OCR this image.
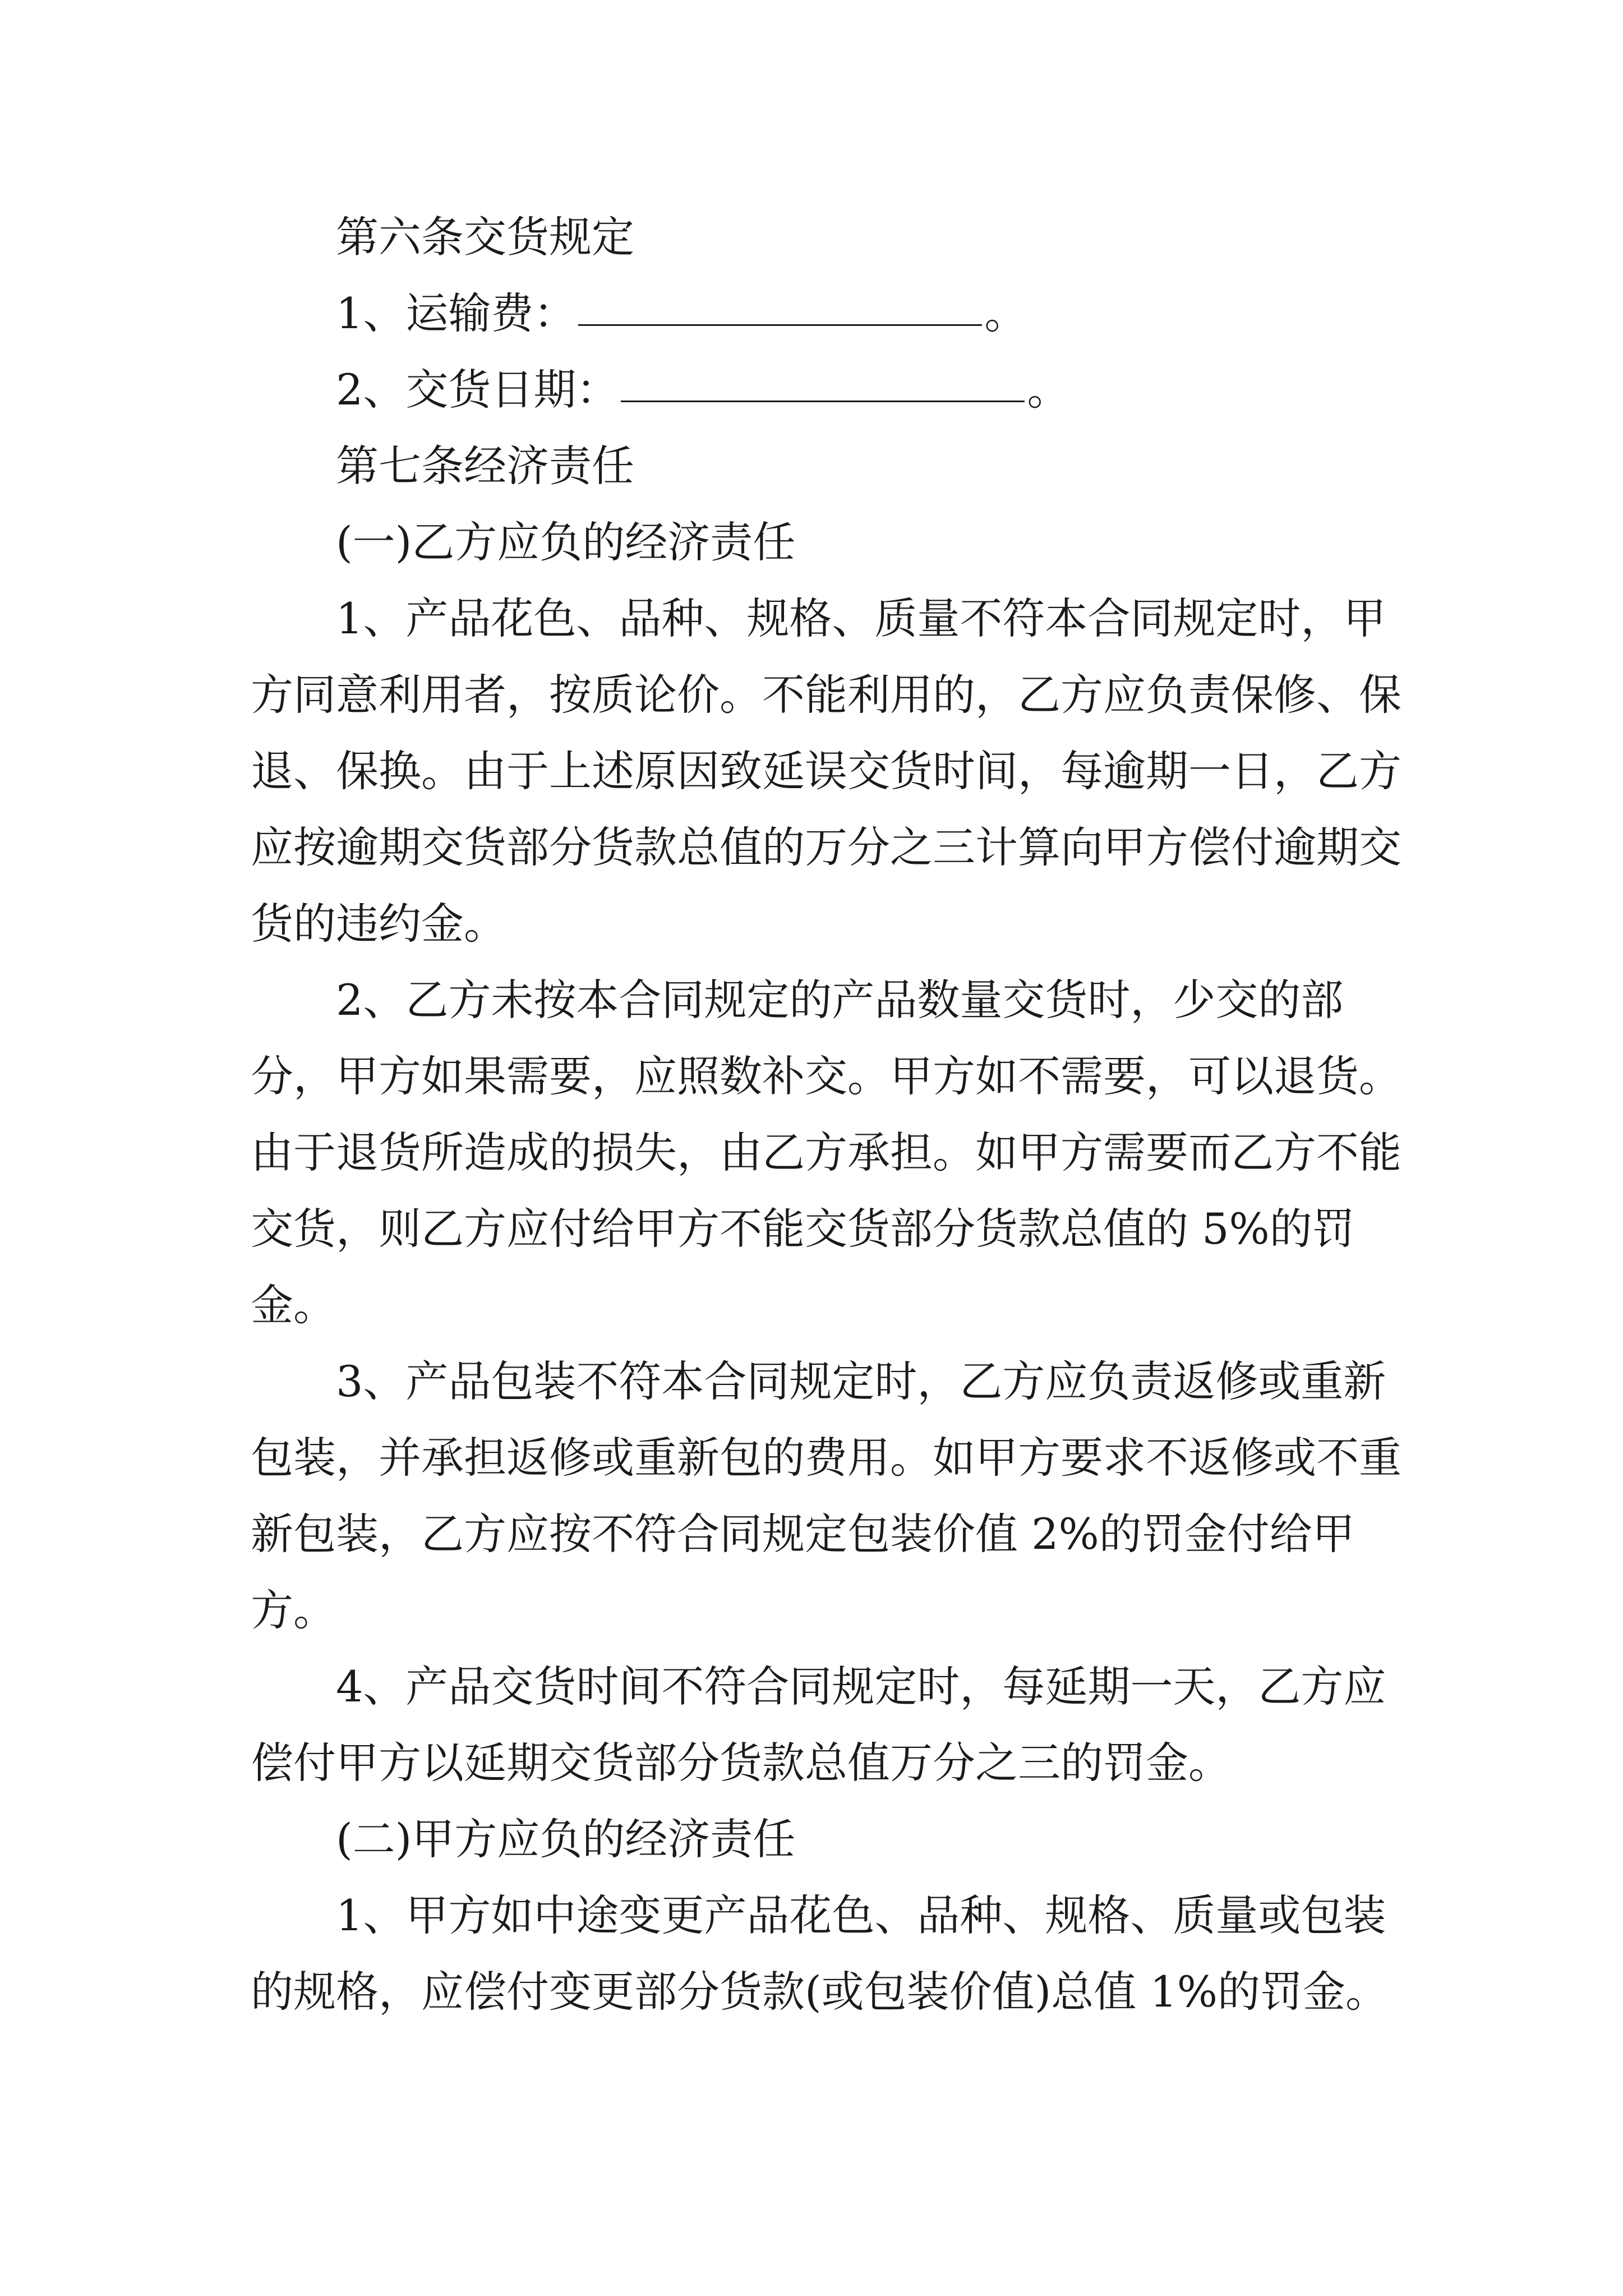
第六条交货规定

1、运输费：	。

2、交货日期：	。

第七条经济责任

(一)乙方应负的经济责任

1、产品花色、品种、规格、质量不符本合同规定时，甲方同意利用者，按质论价。不能利用的，乙方应负责保修、保退、保换。由于上述原因致延误交货时间，每逾期一日，乙方应按逾期交货部分货款总值的万分之三计算向甲方偿付逾期交货的违约金。

2、乙方未按本合同规定的产品数量交货时，少交的部分，甲方如果需要，应照数补交。甲方如不需要，可以退货。由于退货所造成的损失，由乙方承担。如甲方需要而乙方不能交货，则乙方应付给甲方不能交货部分货款总值的 5%的罚金。

3、产品包装不符本合同规定时，乙方应负责返修或重新包装，并承担返修或重新包的费用。如甲方要求不返修或不重新包装，乙方应按不符合同规定包装价值 2%的罚金付给甲方。

4、产品交货时间不符合同规定时，每延期一天，乙方应偿付甲方以延期交货部分货款总值万分之三的罚金。

(二)甲方应负的经济责任

1、甲方如中途变更产品花色、品种、规格、质量或包装的规格，应偿付变更部分货款(或包装价值)总值 1%的罚金。
